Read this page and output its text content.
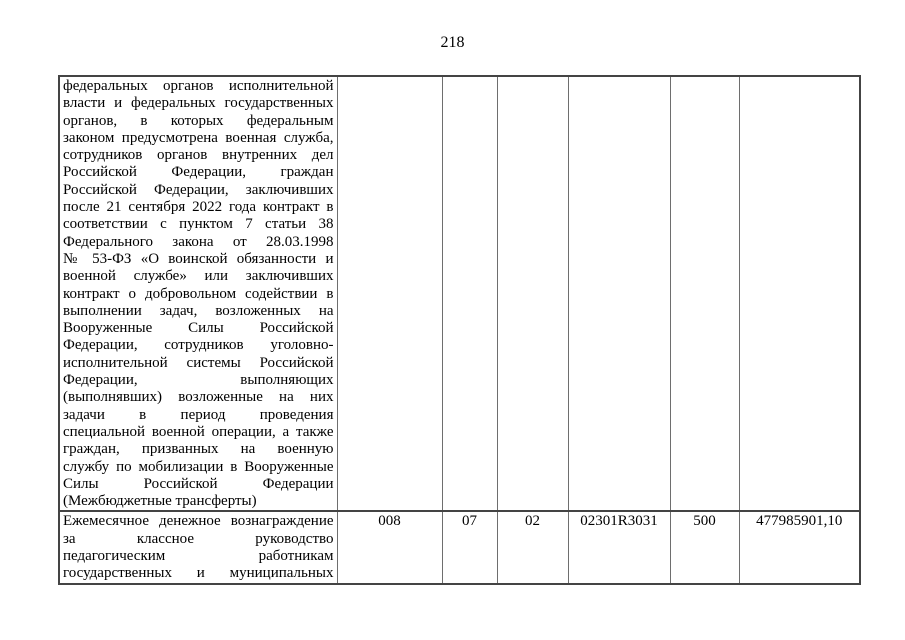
218
федеральных органов исполнительной
власти и федеральных государственных
органов, в которых федеральным
законом предусмотрена военная служба,
сотрудников органов внутренних дел
Российской Федерации, граждан
Российской Федерации, заключивших
после 21 сентября 2022 года контракт в
соответствии с пунктом 7 статьи 38
Федерального закона от 28.03.1998
№ 53-ФЗ «О воинской обязанности и
военной службе» или заключивших
контракт о добровольном содействии в
выполнении задач, возложенных на
Вооруженные Силы Российской
Федерации, сотрудников уголовно-
исполнительной системы Российской
Федерации, выполняющих
(выполнявших) возложенные на них
задачи в период проведения
специальной военной операции, а также
граждан, призванных на военную
службу по мобилизации в Вооруженные
Силы Российской Федерации
(Межбюджетные трансферты)

Ежемесячное денежное вознаграждение
за классное руководство
педагогическим работникам
государственных и муниципальных	008	07	02	02301R3031	500	477985901,10
